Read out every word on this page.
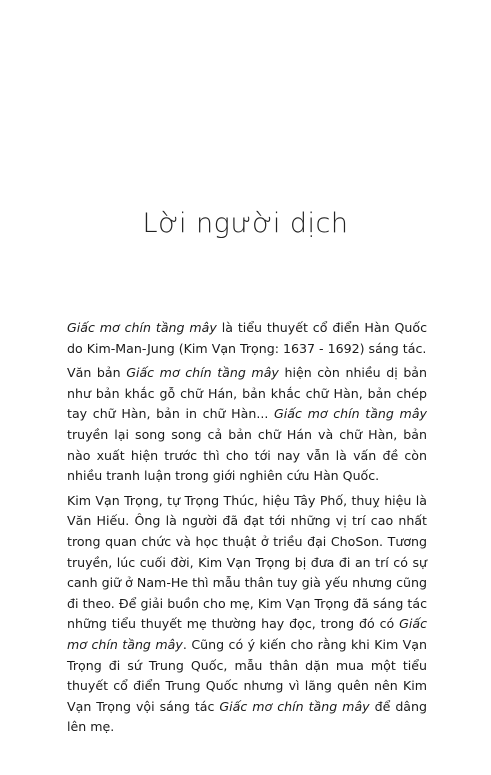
Lời người dịch

Giấc mơ chín tầng mây là tiểu thuyết cổ điển Hàn Quốc do Kim-Man-Jung (Kim Vạn Trọng: 1637 - 1692) sáng tác.

Văn bản Giấc mơ chín tầng mây hiện còn nhiều dị bản như bản khắc gỗ chữ Hán, bản khắc chữ Hàn, bản chép tay chữ Hàn, bản in chữ Hàn... Giấc mơ chín tầng mây truyền lại song song cả bản chữ Hán và chữ Hàn, bản nào xuất hiện trước thì cho tới nay vẫn là vấn đề còn nhiều tranh luận trong giới nghiên cứu Hàn Quốc.

Kim Vạn Trọng, tự Trọng Thúc, hiệu Tây Phố, thuỵ hiệu là Văn Hiếu. Ông là người đã đạt tới những vị trí cao nhất trong quan chức và học thuật ở triều đại ChoSon. Tương truyền, lúc cuối đời, Kim Vạn Trọng bị đưa đi an trí có sự canh giữ ở Nam-He thì mẫu thân tuy già yếu nhưng cũng đi theo. Để giải buồn cho mẹ, Kim Vạn Trọng đã sáng tác những tiểu thuyết mẹ thường hay đọc, trong đó có Giấc mơ chín tầng mây. Cũng có ý kiến cho rằng khi Kim Vạn Trọng đi sứ Trung Quốc, mẫu thân dặn mua một tiểu thuyết cổ điển Trung Quốc nhưng vì lãng quên nên Kim Vạn Trọng vội sáng tác Giấc mơ chín tầng mây để dâng lên mẹ.
